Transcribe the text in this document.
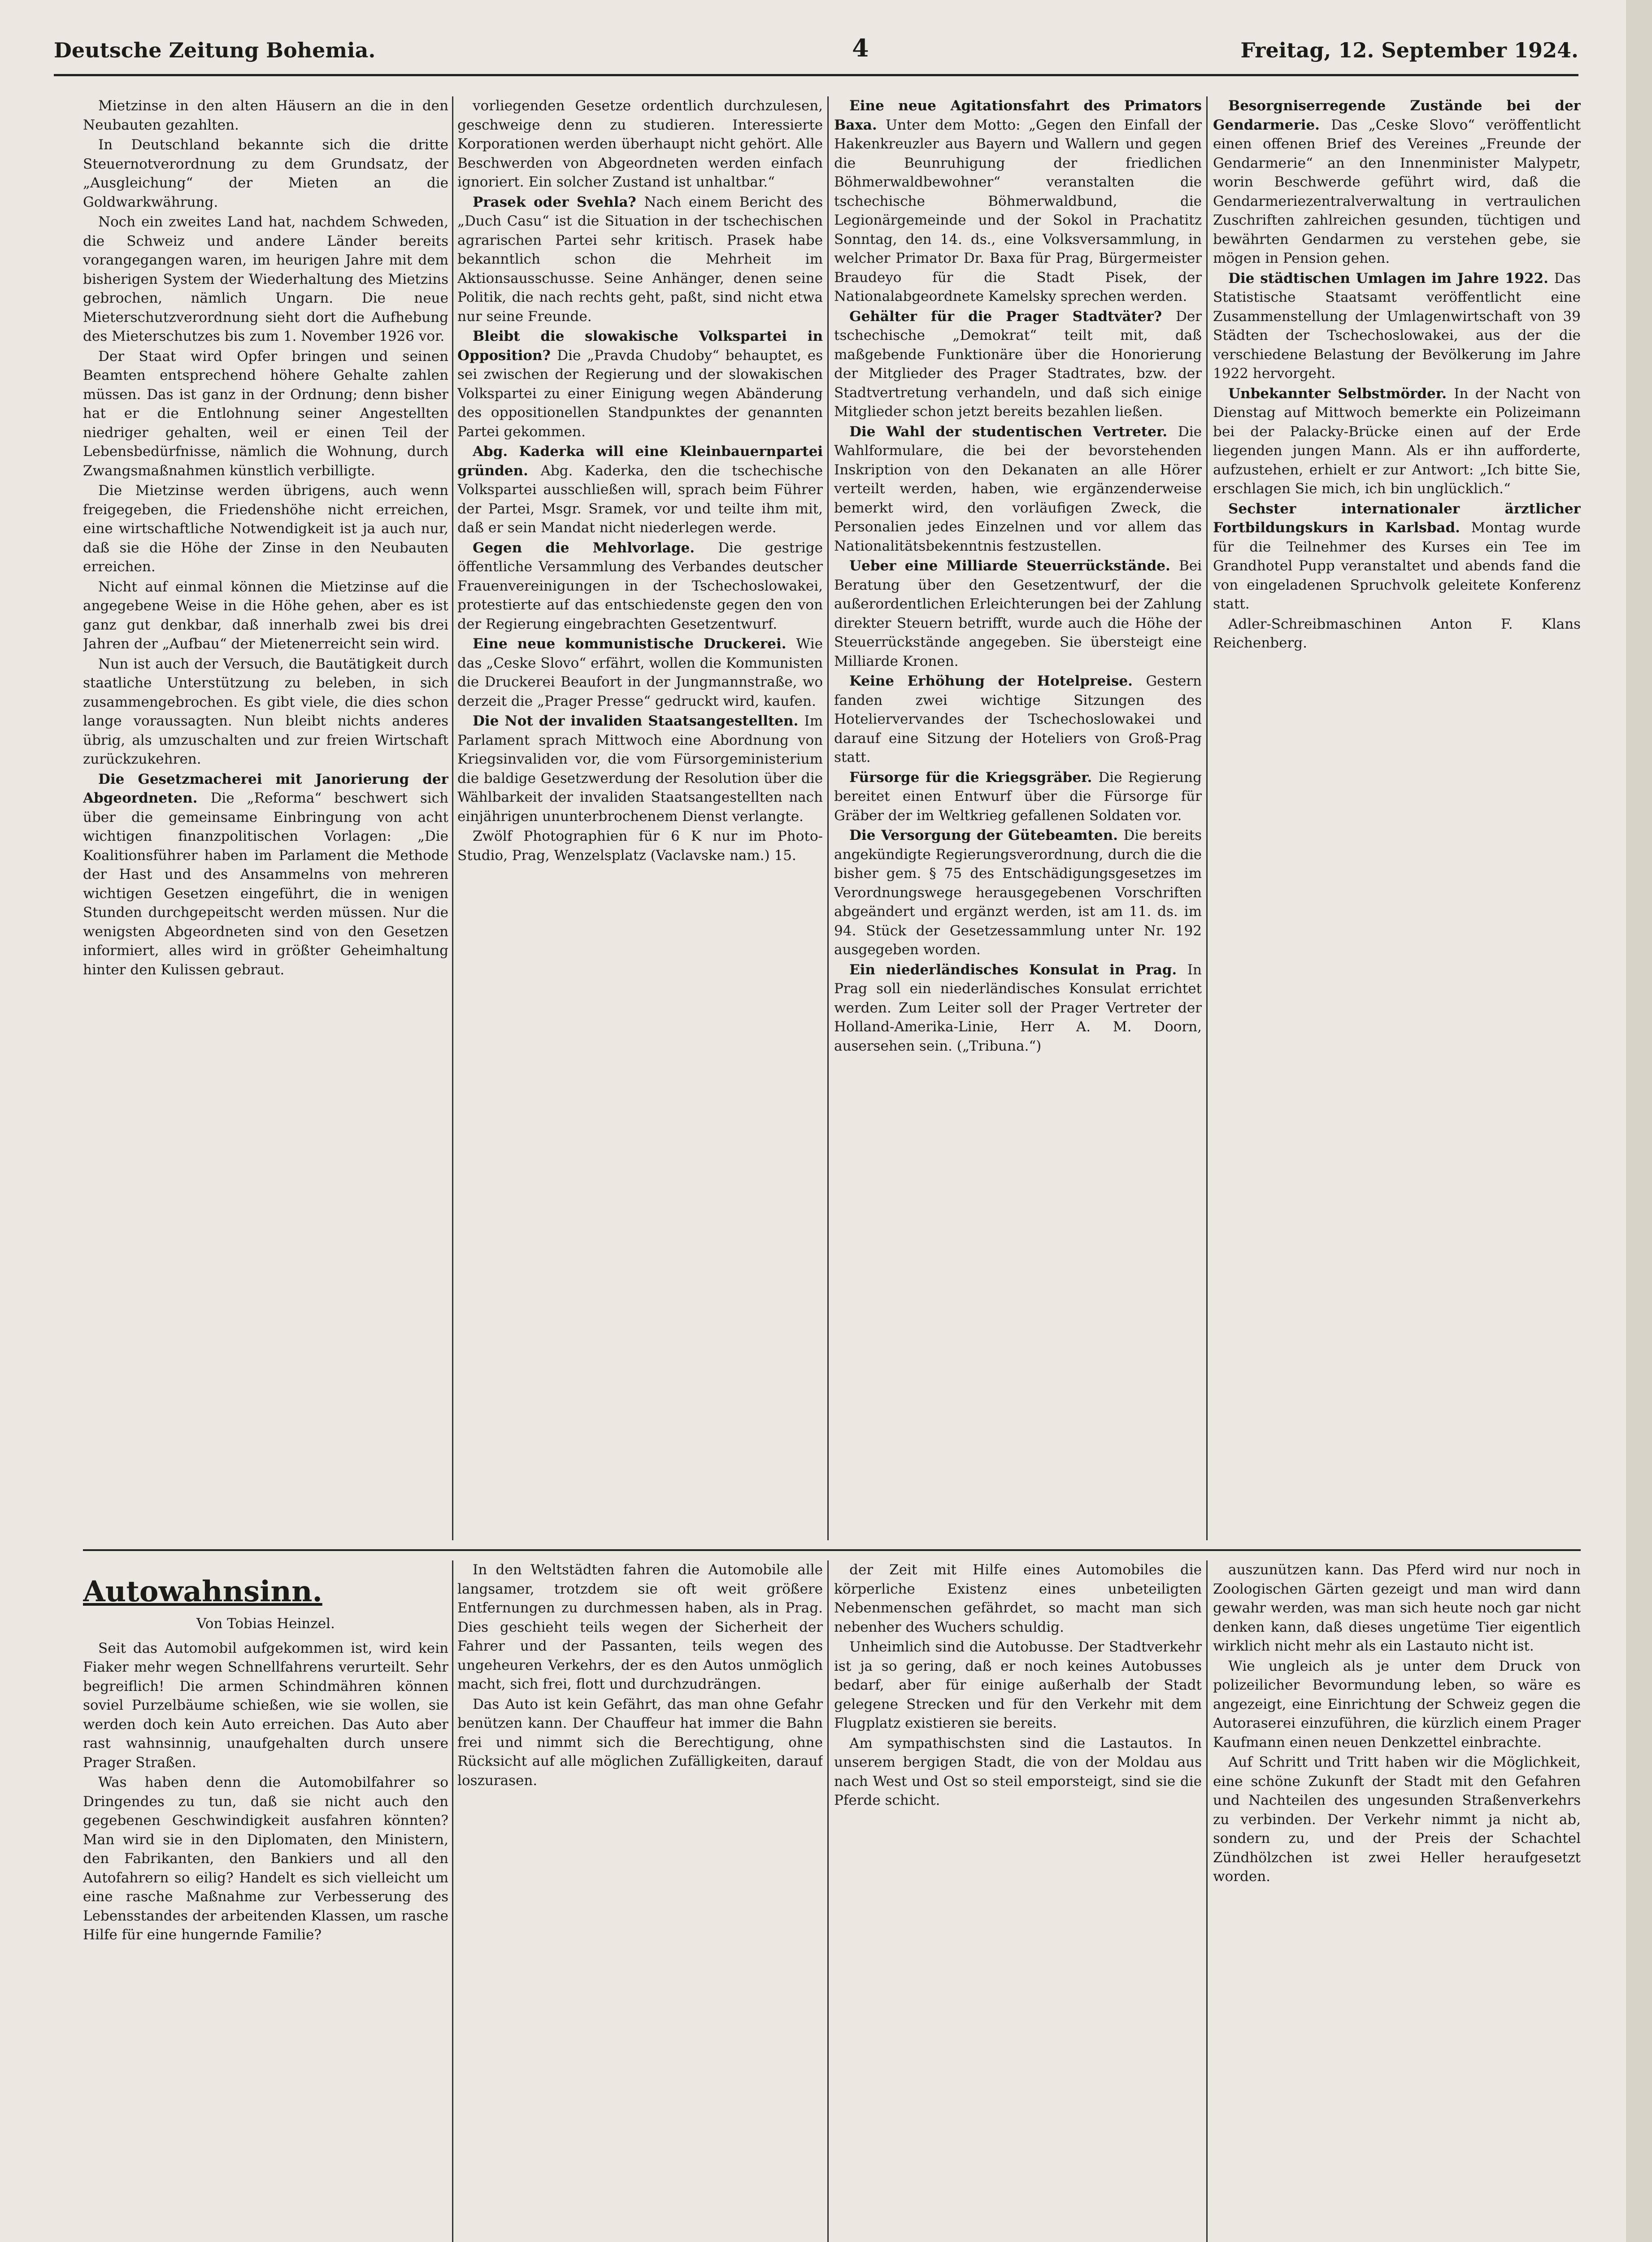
Deutsche Zeitung Bohemia.	4	Freitag, 12. September 1924.

Mietzinse in den alten Häusern an die in den Neubauten gezahlten.

In Deutschland bekannte sich die dritte Steuernotverordnung zu dem Grundsatz, der „Ausgleichung“ der Mieten an die Goldwarkwährung.

Noch ein zweites Land hat, nachdem Schweden, die Schweiz und andere Länder bereits vorangegangen waren, im heurigen Jahre mit dem bisherigen System der Wiederhaltung des Mietzins gebrochen, nämlich Ungarn. Die neue Mieterschutzverordnung sieht dort die Aufhebung des Mieterschutzes bis zum 1. November 1926 vor.

Der Staat wird Opfer bringen und seinen Beamten entsprechend höhere Gehalte zahlen müssen. Das ist ganz in der Ordnung; denn bisher hat er die Entlohnung seiner Angestellten niedriger gehalten, weil er einen Teil der Lebensbedürfnisse, nämlich die Wohnung, durch Zwangsmaßnahmen künstlich verbilligte.

Die Mietzinse werden übrigens, auch wenn freigegeben, die Friedenshöhe nicht erreichen, eine wirtschaftliche Notwendigkeit ist ja auch nur, daß sie die Höhe der Zinse in den Neubauten erreichen.

Nicht auf einmal können die Mietzinse auf die angegebene Weise in die Höhe gehen, aber es ist ganz gut denkbar, daß innerhalb zwei bis drei Jahren der „Aufbau“ der Mietenerreicht sein wird.

Nun ist auch der Versuch, die Bautätigkeit durch staatliche Unterstützung zu beleben, in sich zusammengebrochen. Es gibt viele, die dies schon lange voraussagten. Nun bleibt nichts anderes übrig, als umzuschalten und zur freien Wirtschaft zurückzukehren.

Die Gesetzmacherei mit Janorierung der Abgeordneten. Die „Reforma“ beschwert sich über die gemeinsame Einbringung von acht wichtigen finanzpolitischen Vorlagen: „Die Koalitionsführer haben im Parlament die Methode der Hast und des Ansammelns von mehreren wichtigen Gesetzen eingeführt, die in wenigen Stunden durchgepeitscht werden müssen. Nur die wenigsten Abgeordneten sind von den Gesetzen informiert, alles wird in größter Geheimhaltung hinter den Kulissen gebraut.

vorliegenden Gesetze ordentlich durchzulesen, geschweige denn zu studieren. Interessierte Korporationen werden überhaupt nicht gehört. Alle Beschwerden von Abgeordneten werden einfach ignoriert. Ein solcher Zustand ist unhaltbar.“

Prasek oder Svehla? Nach einem Bericht des „Duch Casu“ ist die Situation in der tschechischen agrarischen Partei sehr kritisch. Prasek habe bekanntlich schon die Mehrheit im Aktionsausschusse. Seine Anhänger, denen seine Politik, die nach rechts geht, paßt, sind nicht etwa nur seine Freunde.

Bleibt die slowakische Volkspartei in Opposition? Die „Pravda Chudoby“ behauptet, es sei zwischen der Regierung und der slowakischen Volkspartei zu einer Einigung wegen Abänderung des oppositionellen Standpunktes der genannten Partei gekommen.

Abg. Kaderka will eine Kleinbauernpartei gründen. Abg. Kaderka, den die tschechische Volkspartei ausschließen will, sprach beim Führer der Partei, Msgr. Sramek, vor und teilte ihm mit, daß er sein Mandat nicht niederlegen werde.

Gegen die Mehlvorlage. Die gestrige öffentliche Versammlung des Verbandes deutscher Frauenvereinigungen in der Tschechoslowakei, protestierte auf das entschiedenste gegen den von der Regierung eingebrachten Gesetzentwurf.

Eine neue kommunistische Druckerei. Wie das „Ceske Slovo“ erfährt, wollen die Kommunisten die Druckerei Beaufort in der Jungmannstraße, wo derzeit die „Prager Presse“ gedruckt wird, kaufen.

Die Not der invaliden Staatsangestellten. Im Parlament sprach Mittwoch eine Abordnung von Kriegsinvaliden vor, die vom Fürsorgeministerium die baldige Gesetzwerdung der Resolution über die Wählbarkeit der invaliden Staatsangestellten nach einjährigen ununterbrochenem Dienst verlangte.

Zwölf Photographien für 6 K nur im Photo-Studio, Prag, Wenzelsplatz (Vaclavske nam.) 15.

Eine neue Agitationsfahrt des Primators Baxa. Unter dem Motto: „Gegen den Einfall der Hakenkreuzler aus Bayern und Wallern und gegen die Beunruhigung der friedlichen Böhmerwaldbewohner“ veranstalten die tschechische Böhmerwaldbund, die Legionärgemeinde und der Sokol in Prachatitz Sonntag, den 14. ds., eine Volksversammlung, in welcher Primator Dr. Baxa für Prag, Bürgermeister Braudeyo für die Stadt Pisek, der Nationalabgeordnete Kamelsky sprechen werden.

Gehälter für die Prager Stadtväter? Der tschechische „Demokrat“ teilt mit, daß maßgebende Funktionäre über die Honorierung der Mitglieder des Prager Stadtrates, bzw. der Stadtvertretung verhandeln, und daß sich einige Mitglieder schon jetzt bereits bezahlen ließen.

Die Wahl der studentischen Vertreter. Die Wahlformulare, die bei der bevorstehenden Inskription von den Dekanaten an alle Hörer verteilt werden, haben, wie ergänzenderweise bemerkt wird, den vorläufigen Zweck, die Personalien jedes Einzelnen und vor allem das Nationalitätsbekenntnis festzustellen.

Ueber eine Milliarde Steuerrückstände. Bei Beratung über den Gesetzentwurf, der die außerordentlichen Erleichterungen bei der Zahlung direkter Steuern betrifft, wurde auch die Höhe der Steuerrückstände angegeben. Sie übersteigt eine Milliarde Kronen.

Keine Erhöhung der Hotelpreise. Gestern fanden zwei wichtige Sitzungen des Hoteliervervandes der Tschechoslowakei und darauf eine Sitzung der Hoteliers von Groß-Prag statt.

Fürsorge für die Kriegsgräber. Die Regierung bereitet einen Entwurf über die Fürsorge für Gräber der im Weltkrieg gefallenen Soldaten vor.

Die Versorgung der Gütebeamten. Die bereits angekündigte Regierungsverordnung, durch die die bisher gem. § 75 des Entschädigungsgesetzes im Verordnungswege herausgegebenen Vorschriften abgeändert und ergänzt werden, ist am 11. ds. im 94. Stück der Gesetzessammlung unter Nr. 192 ausgegeben worden.

Ein niederländisches Konsulat in Prag. In Prag soll ein niederländisches Konsulat errichtet werden. Zum Leiter soll der Prager Vertreter der Holland-Amerika-Linie, Herr A. M. Doorn, ausersehen sein. („Tribuna.“)

Besorgniserregende Zustände bei der Gendarmerie. Das „Ceske Slovo“ veröffentlicht einen offenen Brief des Vereines „Freunde der Gendarmerie“ an den Innenminister Malypetr, worin Beschwerde geführt wird, daß die Gendarmeriezentralverwaltung in vertraulichen Zuschriften zahlreichen gesunden, tüchtigen und bewährten Gendarmen zu verstehen gebe, sie mögen in Pension gehen.

Die städtischen Umlagen im Jahre 1922. Das Statistische Staatsamt veröffentlicht eine Zusammenstellung der Umlagenwirtschaft von 39 Städten der Tschechoslowakei, aus der die verschiedene Belastung der Bevölkerung im Jahre 1922 hervorgeht.

Unbekannter Selbstmörder. In der Nacht von Dienstag auf Mittwoch bemerkte ein Polizeimann bei der Palacky-Brücke einen auf der Erde liegenden jungen Mann. Als er ihn aufforderte, aufzustehen, erhielt er zur Antwort: „Ich bitte Sie, erschlagen Sie mich, ich bin unglücklich.“

Sechster internationaler ärztlicher Fortbildungskurs in Karlsbad. Montag wurde für die Teilnehmer des Kurses ein Tee im Grandhotel Pupp veranstaltet und abends fand die von eingeladenen Spruchvolk geleitete Konferenz statt.

Adler-Schreibmaschinen Anton F. Klans Reichenberg.

Autowahnsinn.
Von Tobias Heinzel.

Seit das Automobil aufgekommen ist, wird kein Fiaker mehr wegen Schnellfahrens verurteilt. Sehr begreiflich! Die armen Schindmähren können soviel Purzelbäume schießen, wie sie wollen, sie werden doch kein Auto erreichen. Das Auto aber rast wahnsinnig, unaufgehalten durch unsere Prager Straßen.

Was haben denn die Automobilfahrer so Dringendes zu tun, daß sie nicht auch den gegebenen Geschwindigkeit ausfahren könnten? Man wird sie in den Diplomaten, den Ministern, den Fabrikanten, den Bankiers und all den Autofahrern so eilig? Handelt es sich vielleicht um eine rasche Maßnahme zur Verbesserung des Lebensstandes der arbeitenden Klassen, um rasche Hilfe für eine hungernde Familie?

In den Weltstädten fahren die Automobile alle langsamer, trotzdem sie oft weit größere Entfernungen zu durchmessen haben, als in Prag. Dies geschieht teils wegen der Sicherheit der Fahrer und der Passanten, teils wegen des ungeheuren Verkehrs, der es den Autos unmöglich macht, sich frei, flott und durchzudrängen.

Das Auto ist kein Gefährt, das man ohne Gefahr benützen kann. Der Chauffeur hat immer die Bahn frei und nimmt sich die Berechtigung, ohne Rücksicht auf alle möglichen Zufälligkeiten, darauf loszurasen.

der Zeit mit Hilfe eines Automobiles die körperliche Existenz eines unbeteiligten Nebenmenschen gefährdet, so macht man sich nebenher des Wuchers schuldig.

Unheimlich sind die Autobusse. Der Stadtverkehr ist ja so gering, daß er noch keines Autobusses bedarf, aber für einige außerhalb der Stadt gelegene Strecken und für den Verkehr mit dem Flugplatz existieren sie bereits.

Am sympathischsten sind die Lastautos. In unserem bergigen Stadt, die von der Moldau aus nach West und Ost so steil emporsteigt, sind sie die Pferde schicht.

auszunützen kann. Das Pferd wird nur noch in Zoologischen Gärten gezeigt und man wird dann gewahr werden, was man sich heute noch gar nicht denken kann, daß dieses ungetüme Tier eigentlich wirklich nicht mehr als ein Lastauto nicht ist.

Wie ungleich als je unter dem Druck von polizeilicher Bevormundung leben, so wäre es angezeigt, eine Einrichtung der Schweiz gegen die Autoraserei einzuführen, die kürzlich einem Prager Kaufmann einen neuen Denkzettel einbrachte.

Auf Schritt und Tritt haben wir die Möglichkeit, eine schöne Zukunft der Stadt mit den Gefahren und Nachteilen des ungesunden Straßenverkehrs zu verbinden. Der Verkehr nimmt ja nicht ab, sondern zu, und der Preis der Schachtel Zündhölzchen ist zwei Heller heraufgesetzt worden.
